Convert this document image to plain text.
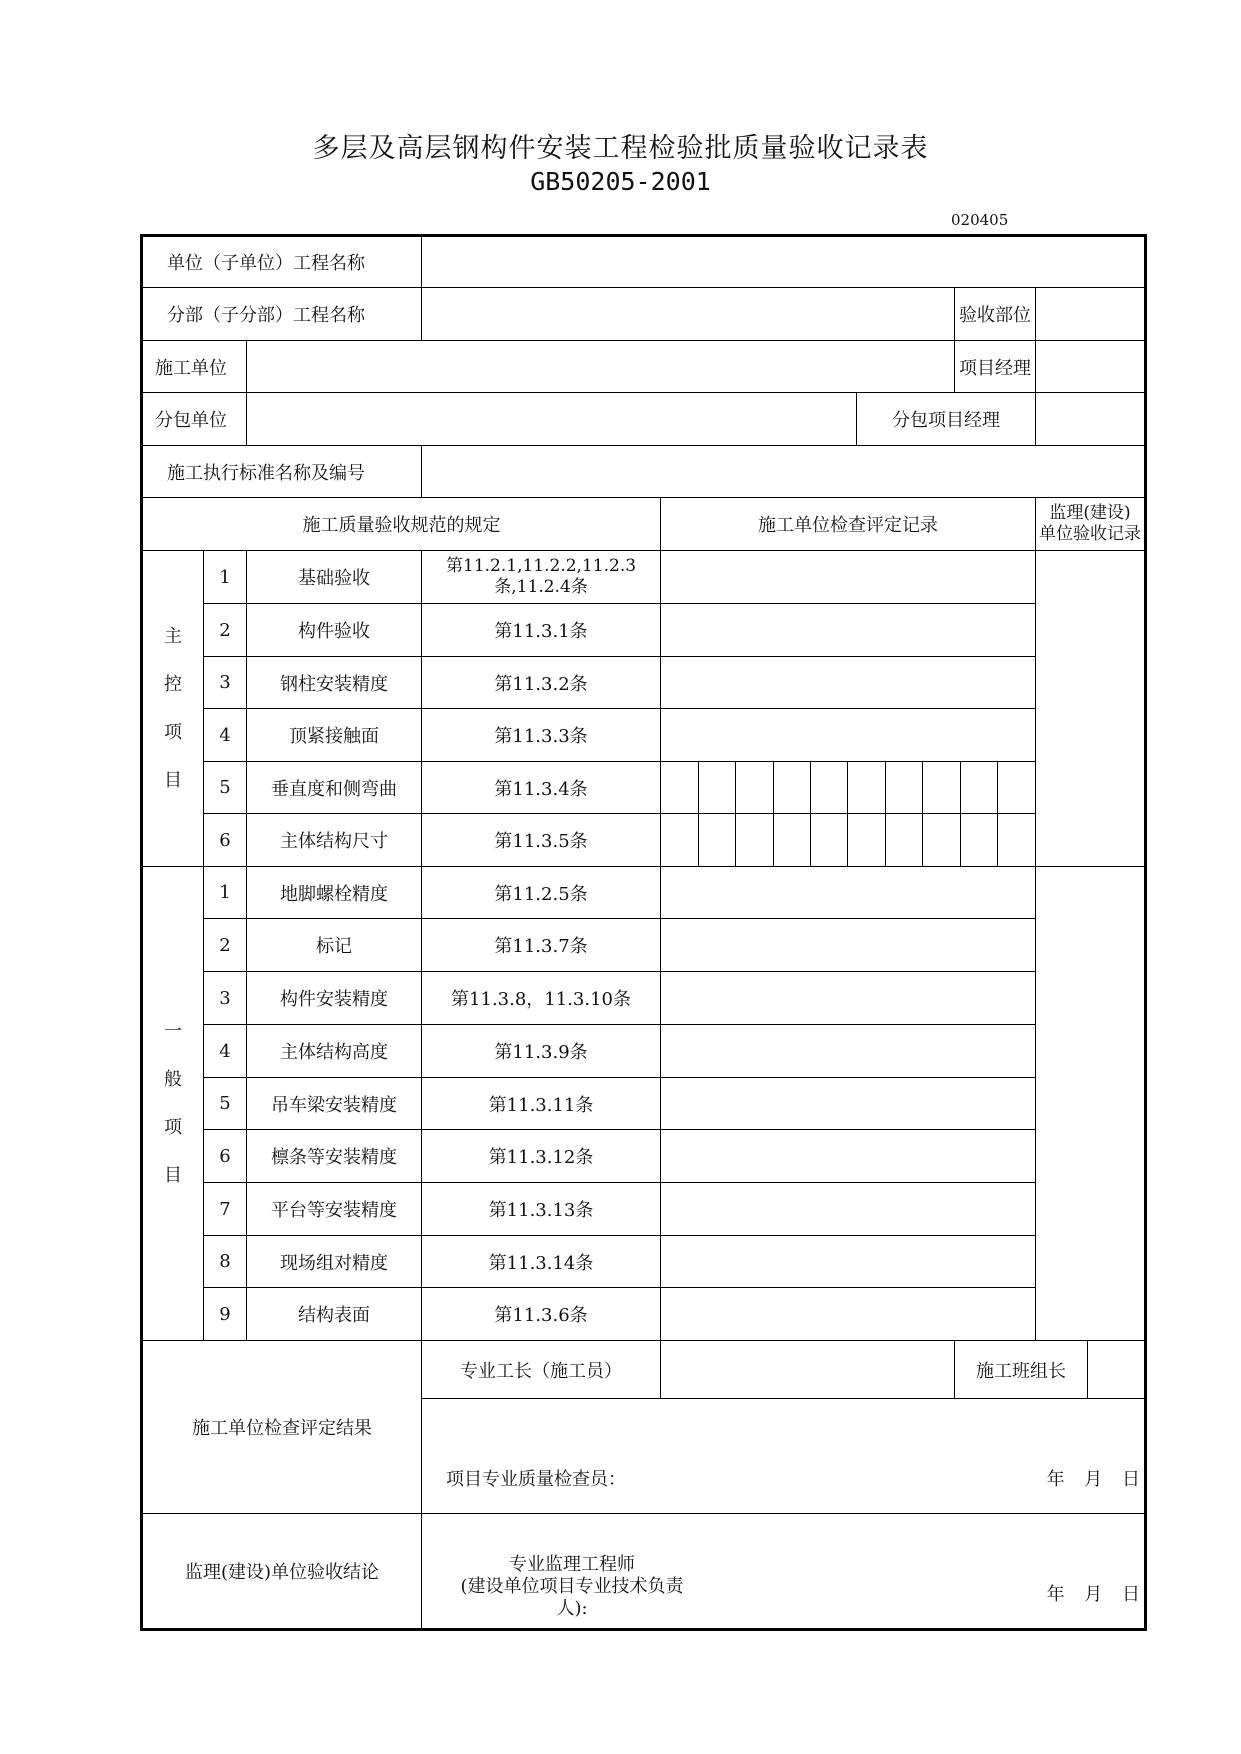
多层及高层钢构件安装工程检验批质量验收记录表
GB50205-2001
020405
单位（子单位）工程名称	
分部（子分部）工程名称		验收部位	
施工单位		项目经理	
分包单位		分包项目经理	
施工执行标准名称及编号	
施工质量验收规范的规定	施工单位检查评定记录	
监理(建设)
单位验收记录

主
控
项
目
	1	基础验收	第11.2.1,11.2.2,11.2.3条,11.2.4条		
2	构件验收	第11.3.1条	
3	钢柱安装精度	第11.3.2条	
4	顶紧接触面	第11.3.3条	
5	垂直度和侧弯曲	第11.3.4条	

6	主体结构尺寸	第11.3.5条	

一
般
项
目
	1	地脚螺栓精度	第11.2.5条		
2	标记	第11.3.7条	
3	构件安装精度	第11.3.8，11.3.10条	
4	主体结构高度	第11.3.9条	
5	吊车梁安装精度	第11.3.11条	
6	檩条等安装精度	第11.3.12条	
7	平台等安装精度	第11.3.13条	
8	现场组对精度	第11.3.14条	
9	结构表面	第11.3.6条	
施工单位检查评定结果	专业工长（施工员）		施工班组长	

项目专业质量检查员：	年 月 日

监理(建设)单位验收结论	专业监理工程师
(建设单位项目专业技术负责人):
年 月 日
